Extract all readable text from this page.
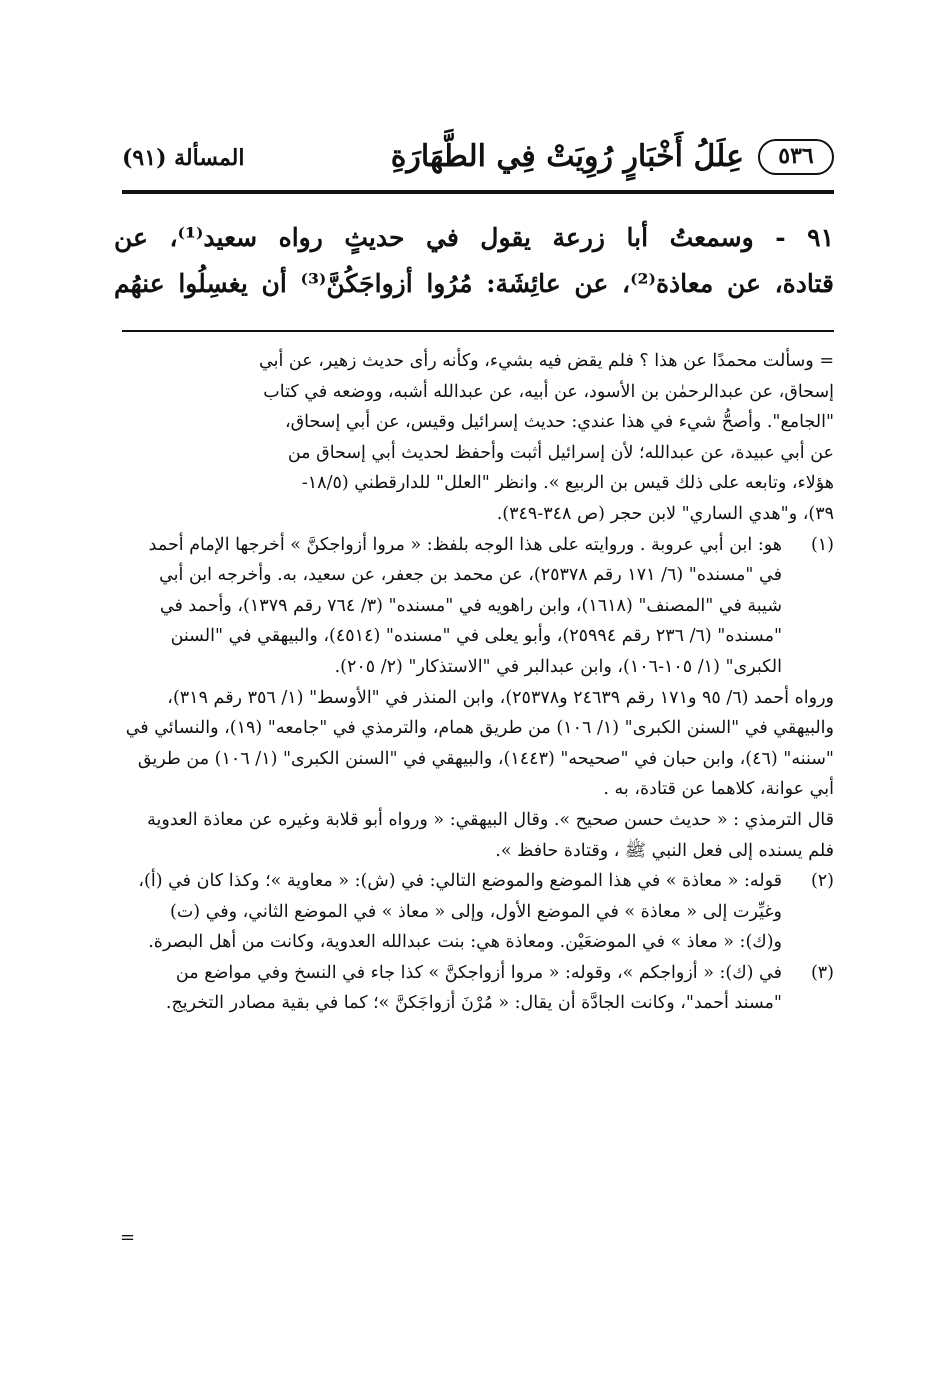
٥٣٦
عِلَلُ أَخْبَارٍ رُوِيَتْ فِي الطَّهَارَةِ
المسألة (٩١)

٩١ - وسمعتُ أبا زرعة يقول في حديثٍ رواه سعيد⁽¹⁾، عن

قتادة، عن معاذة⁽²⁾، عن عائِشَة: مُرُوا أزواجَكُنَّ⁽³⁾ أن يغسِلُوا عنهُم

= وسألت محمدًا عن هذا ؟ فلم يقض فيه بشيء، وكأنه رأى حديث زهير، عن أبي
إسحاق، عن عبدالرحمٰن بن الأسود، عن أبيه، عن عبدالله أشبه، ووضعه في كتاب
"الجامع". وأصحُّ شيء في هذا عندي: حديث إسرائيل وقيس، عن أبي إسحاق،
عن أبي عبيدة، عن عبدالله؛ لأن إسرائيل أثبت وأحفظ لحديث أبي إسحاق من
هؤلاء، وتابعه على ذلك قيس بن الربيع ». وانظر "العلل" للدارقطني (١٨/٥-
٣٩)، و"هدي الساري" لابن حجر (ص ٣٤٨-٣٤٩).
(١)
هو: ابن أبي عروبة . وروايته على هذا الوجه بلفظ: « مروا أزواجكنَّ » أخرجها الإمام أحمد في "مسنده" (٦/ ١٧١ رقم ٢٥٣٧٨)، عن محمد بن جعفر، عن سعيد، به. وأخرجه ابن أبي شيبة في "المصنف" (١٦١٨)، وابن راهويه في "مسنده" (٣/ ٧٦٤ رقم ١٣٧٩)، وأحمد في "مسنده" (٦/ ٢٣٦ رقم ٢٥٩٩٤)، وأبو يعلى في "مسنده" (٤٥١٤)، والبيهقي في "السنن الكبرى" (١/ ١٠٥-١٠٦)، وابن عبدالبر في "الاستذكار" (٢/ ٢٠٥).
ورواه أحمد (٦/ ٩٥ و١٧١ رقم ٢٤٦٣٩ و٢٥٣٧٨)، وابن المنذر في "الأوسط" (١/ ٣٥٦ رقم ٣١٩)، والبيهقي في "السنن الكبرى" (١/ ١٠٦) من طريق همام، والترمذي في "جامعه" (١٩)، والنسائي في "سننه" (٤٦)، وابن حبان في "صحيحه" (١٤٤٣)، والبيهقي في "السنن الكبرى" (١/ ١٠٦) من طريق أبي عوانة، كلاهما عن قتادة، به .
قال الترمذي : « حديث حسن صحيح ». وقال البيهقي: « ورواه أبو قلابة وغيره عن معاذة العدوية فلم يسنده إلى فعل النبي ﷺ ، وقتادة حافظ ».
(٢)
قوله: « معاذة » في هذا الموضع والموضع التالي: في (ش): « معاوية »؛ وكذا كان في (أ)، وغيِّرت إلى « معاذة » في الموضع الأول، وإلى « معاذ » في الموضع الثاني، وفي (ت) و(ك): « معاذ » في الموضعَيْن. ومعاذة هي: بنت عبدالله العدوية، وكانت من أهل البصرة.
(٣)
في (ك): « أزواجكم »، وقوله: « مروا أزواجكنَّ » كذا جاء في النسخ وفي مواضع من "مسند أحمد"، وكانت الجادَّة أن يقال: « مُرْنَ أزواجَكنَّ »؛ كما في بقية مصادر التخريج.
=
